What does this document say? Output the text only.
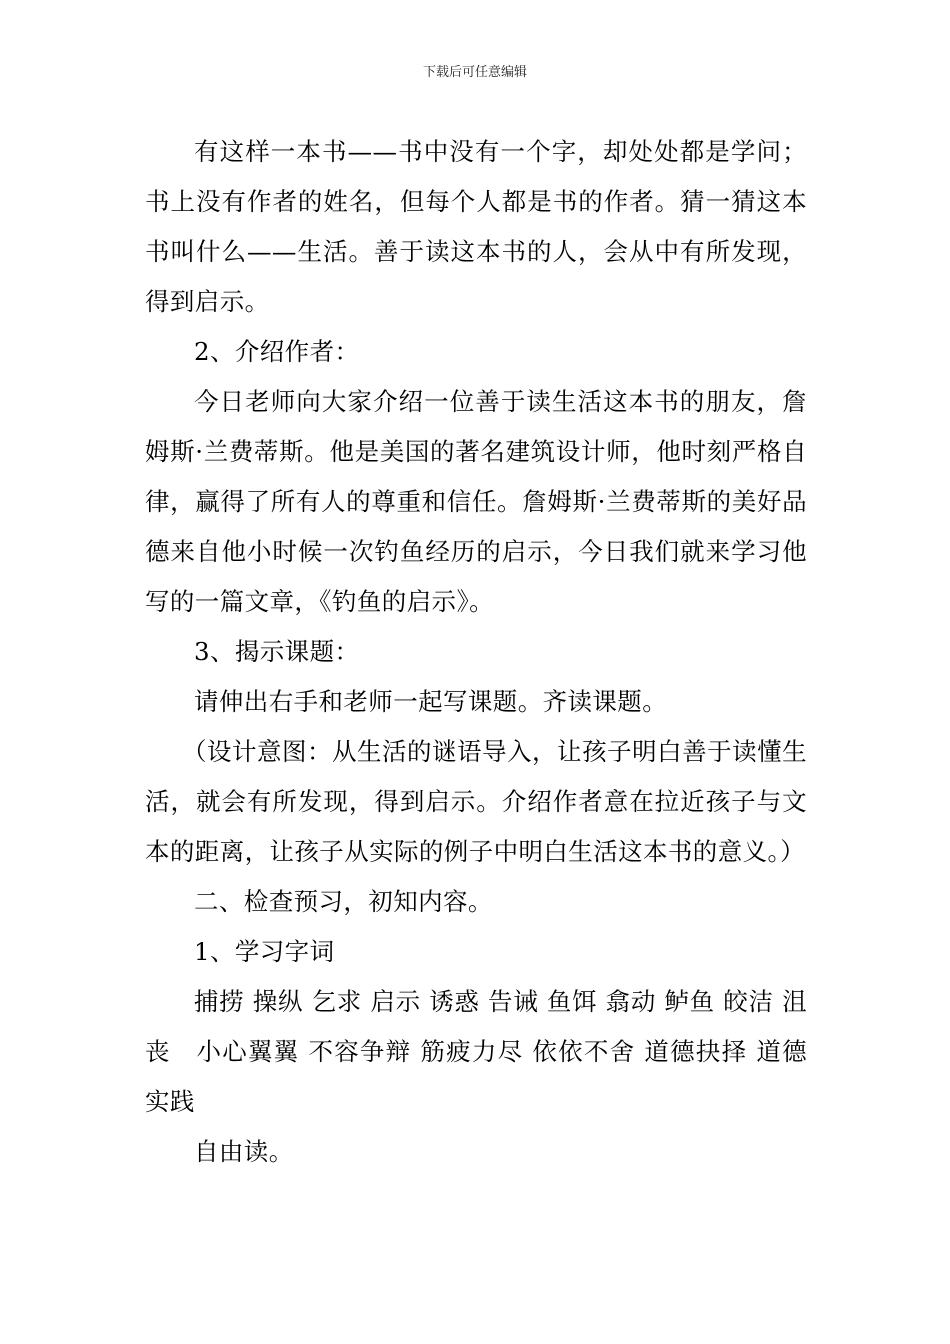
下载后可任意编辑

有这样一本书——书中没有一个字，却处处都是学问；书上没有作者的姓名，但每个人都是书的作者。猜一猜这本书叫什么——生活。善于读这本书的人，会从中有所发现，得到启示。

2、介绍作者：

今日老师向大家介绍一位善于读生活这本书的朋友，詹姆斯·兰费蒂斯。他是美国的著名建筑设计师，他时刻严格自律，赢得了所有人的尊重和信任。詹姆斯·兰费蒂斯的美好品德来自他小时候一次钓鱼经历的启示，今日我们就来学习他写的一篇文章，《钓鱼的启示》。

3、揭示课题：

请伸出右手和老师一起写课题。齐读课题。

（设计意图：从生活的谜语导入，让孩子明白善于读懂生活，就会有所发现，得到启示。介绍作者意在拉近孩子与文本的距离，让孩子从实际的例子中明白生活这本书的意义。）

二、检查预习，初知内容。

1、学习字词

捕捞 操纵 乞求 启示 诱惑 告诫 鱼饵 翕动 鲈鱼 皎洁 沮丧　小心翼翼 不容争辩 筋疲力尽 依依不舍 道德抉择 道德实践

自由读。
